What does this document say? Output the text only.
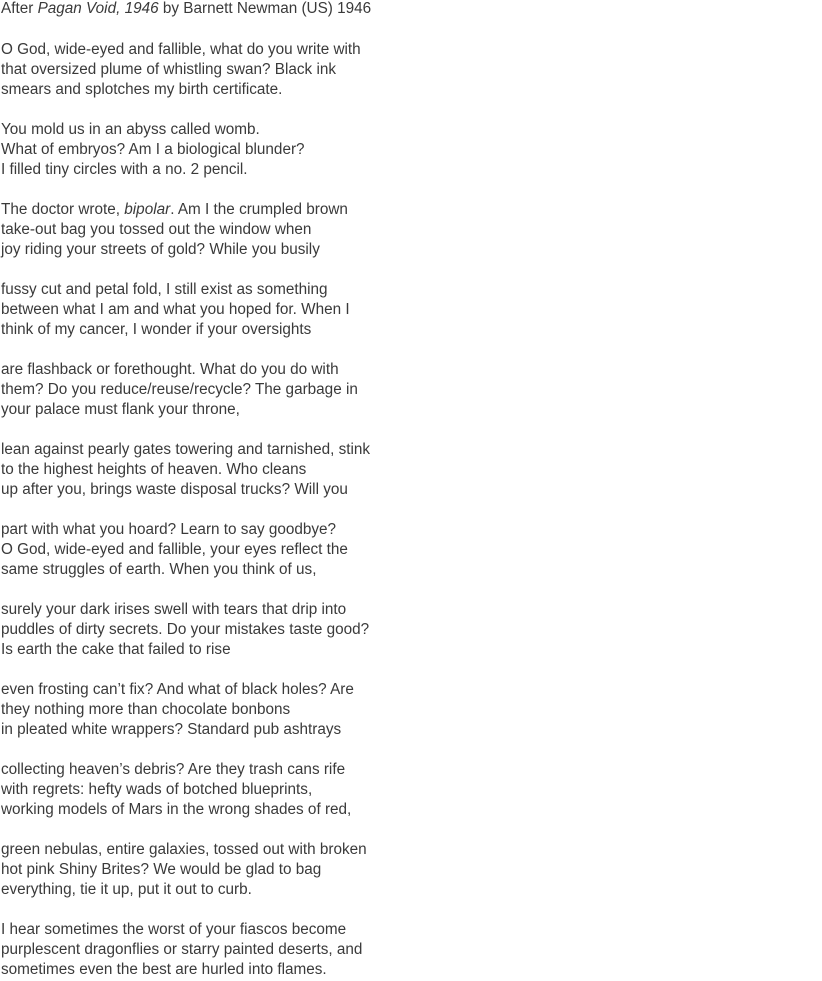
After Pagan Void, 1946 by Barnett Newman (US) 1946
O God, wide-eyed and fallible, what do you write with
that oversized plume of whistling swan? Black ink
smears and splotches my birth certificate.
You mold us in an abyss called womb.
What of embryos? Am I a biological blunder?
I filled tiny circles with a no. 2 pencil.
The doctor wrote, bipolar. Am I the crumpled brown
take-out bag you tossed out the window when
joy riding your streets of gold? While you busily
fussy cut and petal fold, I still exist as something
between what I am and what you hoped for. When I
think of my cancer, I wonder if your oversights
are flashback or forethought. What do you do with
them? Do you reduce/reuse/recycle? The garbage in
your palace must flank your throne,
lean against pearly gates towering and tarnished, stink
to the highest heights of heaven. Who cleans
up after you, brings waste disposal trucks? Will you
part with what you hoard? Learn to say goodbye?
O God, wide-eyed and fallible, your eyes reflect the
same struggles of earth. When you think of us,
surely your dark irises swell with tears that drip into
puddles of dirty secrets. Do your mistakes taste good?
Is earth the cake that failed to rise
even frosting can’t fix? And what of black holes? Are
they nothing more than chocolate bonbons
in pleated white wrappers? Standard pub ashtrays
collecting heaven’s debris? Are they trash cans rife
with regrets: hefty wads of botched blueprints,
working models of Mars in the wrong shades of red,
green nebulas, entire galaxies, tossed out with broken
hot pink Shiny Brites? We would be glad to bag
everything, tie it up, put it out to curb.
I hear sometimes the worst of your fiascos become
purplescent dragonflies or starry painted deserts, and
sometimes even the best are hurled into flames.
